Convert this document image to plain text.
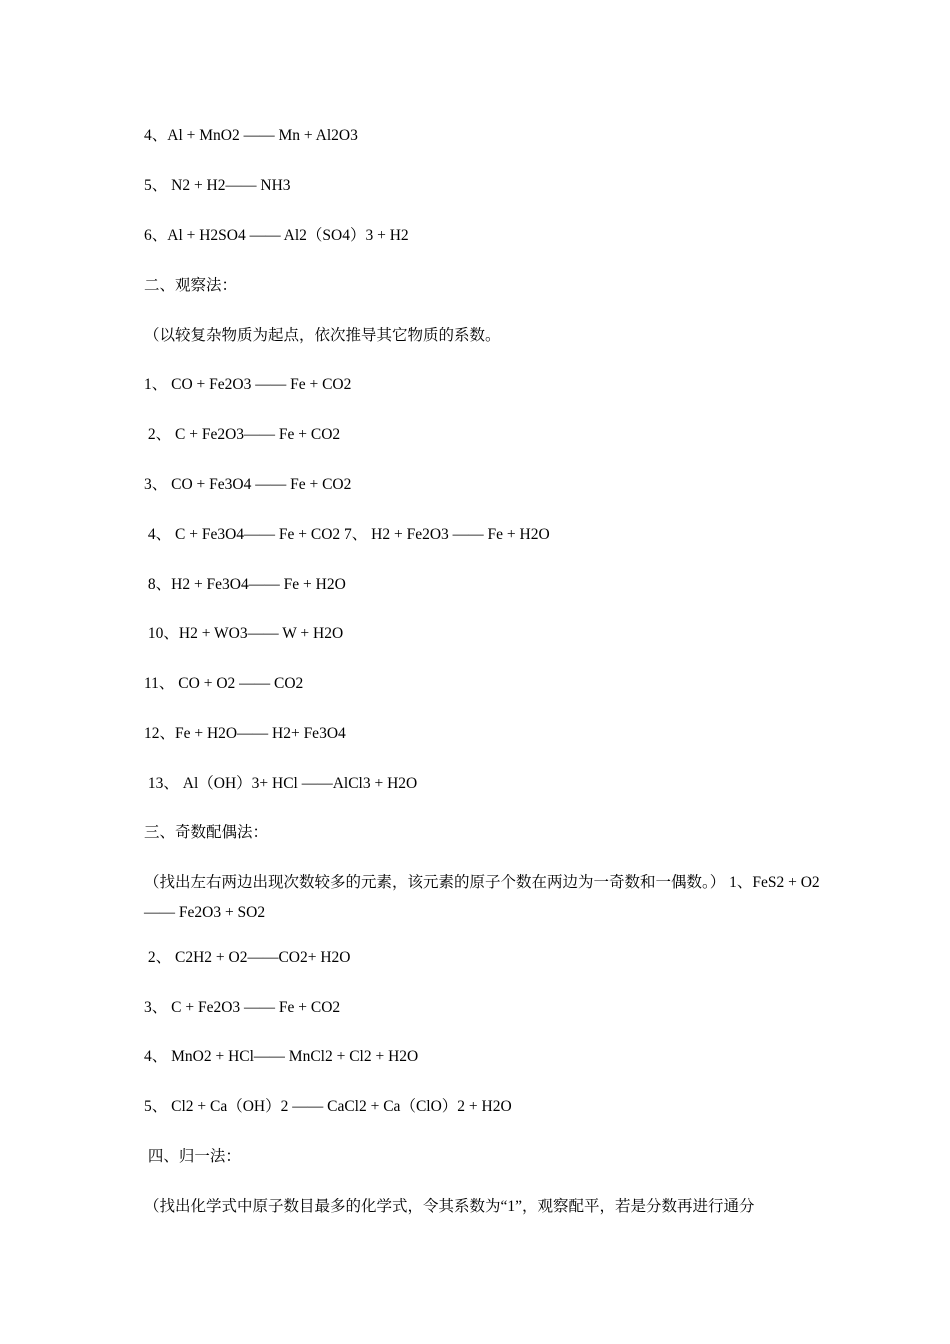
4、Al + MnO2 —— Mn + Al2O3
5、 N2 + H2—— NH3
6、Al + H2SO4 —— Al2（SO4）3 + H2
二、观察法：
（以较复杂物质为起点，依次推导其它物质的系数。
1、 CO + Fe2O3 —— Fe + CO2
2、 C + Fe2O3—— Fe + CO2
3、 CO + Fe3O4 —— Fe + CO2
4、 C + Fe3O4—— Fe + CO2 7、 H2 + Fe2O3 —— Fe + H2O
8、H2 + Fe3O4—— Fe + H2O
10、H2 + WO3—— W + H2O
11、 CO + O2 —— CO2
12、Fe + H2O—— H2+ Fe3O4
13、 Al（OH）3+ HCl ——AlCl3 + H2O
三、奇数配偶法：
（找出左右两边出现次数较多的元素，该元素的原子个数在两边为一奇数和一偶数。） 1、FeS2 + O2 —— Fe2O3 + SO2
2、 C2H2 + O2——CO2+ H2O
3、 C + Fe2O3 —— Fe + CO2
4、 MnO2 + HCl—— MnCl2 + Cl2 + H2O
5、 Cl2 + Ca（OH）2 —— CaCl2 + Ca（ClO）2 + H2O
四、归一法：
（找出化学式中原子数目最多的化学式，令其系数为“1”，观察配平，若是分数再进行通分
